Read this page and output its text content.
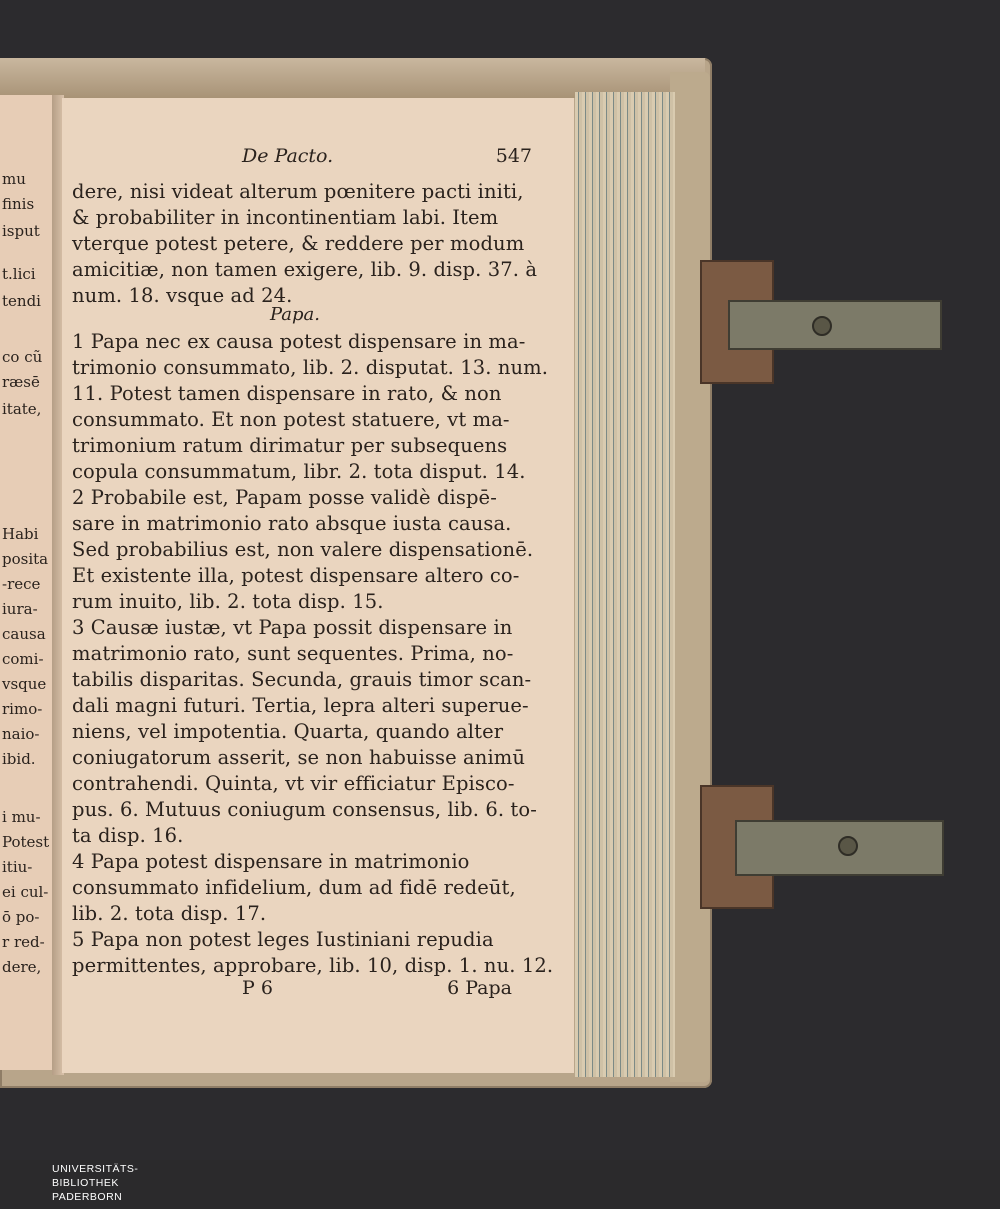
mu
finis
isput
t.lici
tendi
co cũ
ræsē
itate,
Habi
posita
-rece
iura-
causa
comi-
vsque
rimo-
naio-
ibid.
i mu-
Potest
itiu-
ei cul-
ō po-
r red-
dere,
De Pacto.	547
Papa.
dere, nisi videat alterum pœnitere pacti initi,
& probabiliter in incontinentiam labi. Item
vterque potest petere, & reddere per modum
amicitiæ, non tamen exigere, lib. 9. disp. 37. à
num. 18. vsque ad 24.
1 Papa nec ex causa potest dispensare in ma-
trimonio consummato, lib. 2. disputat. 13. num.
11. Potest tamen dispensare in rato, & non
consummato. Et non potest statuere, vt ma-
trimonium ratum dirimatur per subsequens
copula consummatum, libr. 2. tota disput. 14.
2 Probabile est, Papam posse validè dispē-
sare in matrimonio rato absque iusta causa.
Sed probabilius est, non valere dispensationē.
Et existente illa, potest dispensare altero co-
rum inuito, lib. 2. tota disp. 15.
3 Causæ iustæ, vt Papa possit dispensare in
matrimonio rato, sunt sequentes. Prima, no-
tabilis disparitas. Secunda, grauis timor scan-
dali magni futuri. Tertia, lepra alteri superue-
niens, vel impotentia. Quarta, quando alter
coniugatorum asserit, se non habuisse animū
contrahendi. Quinta, vt vir efficiatur Episco-
pus. 6. Mutuus coniugum consensus, lib. 6. to-
ta disp. 16.
4 Papa potest dispensare in matrimonio
consummato infidelium, dum ad fidē redeūt,
lib. 2. tota disp. 17.
5 Papa non potest leges Iustiniani repudia
permittentes, approbare, lib. 10, disp. 1. nu. 12.
P 6	6 Papa
UNIVERSITÄTS-
BIBLIOTHEK
PADERBORN
